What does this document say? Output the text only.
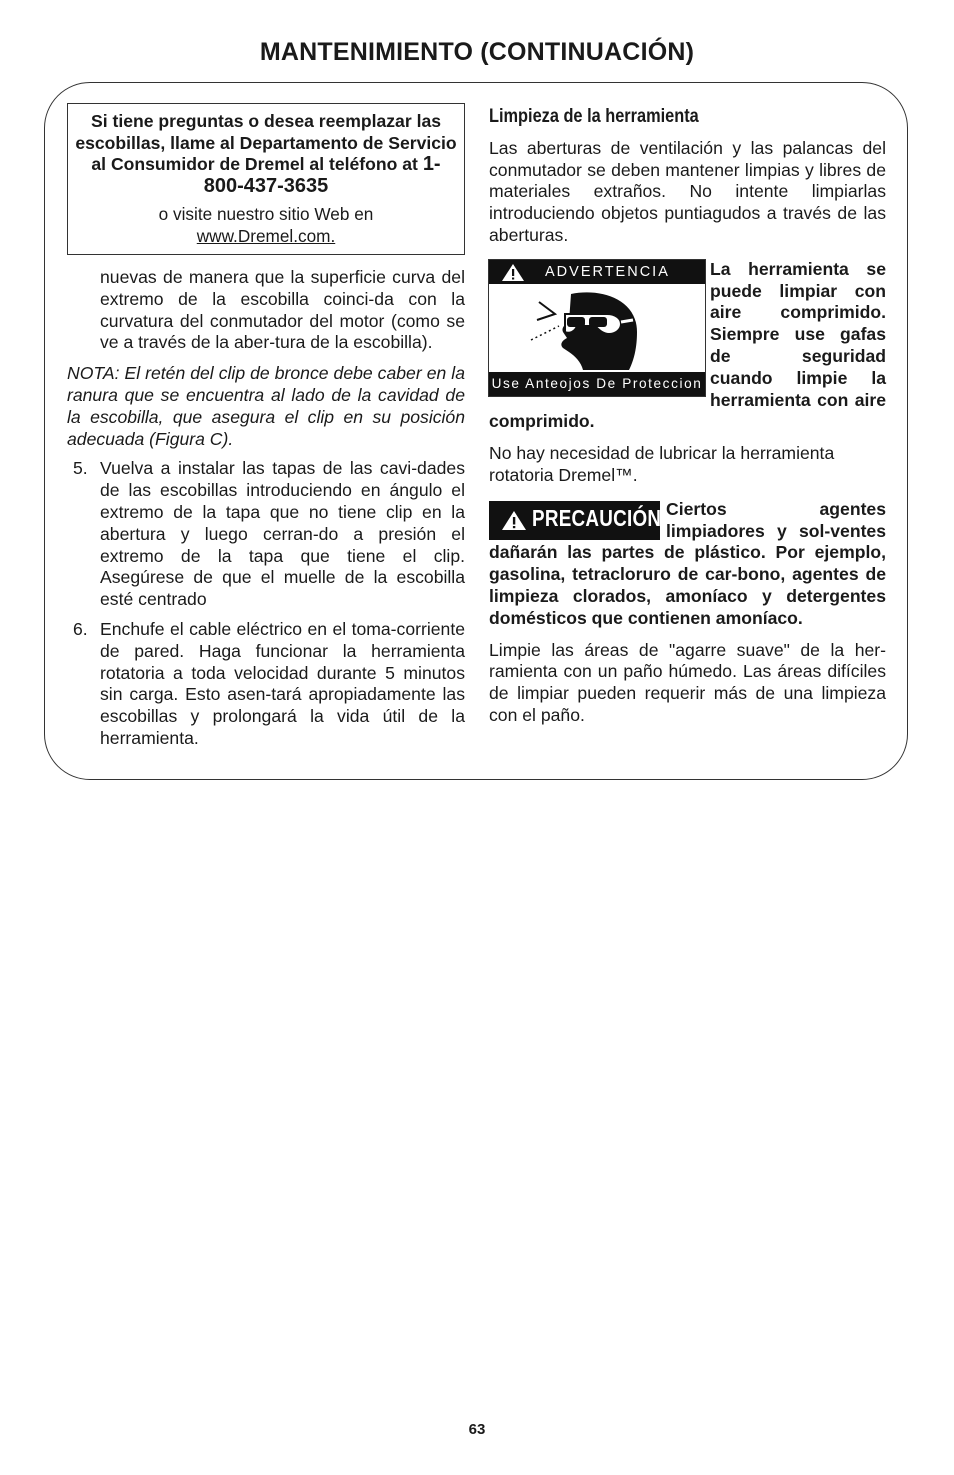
MANTENIMIENTO (CONTINUACIÓN)
Si tiene preguntas o desea reemplazar las escobillas, llame al Departamento de Servicio al Consumidor de Dremel al teléfono at 1-800-437-3635
o visite nuestro sitio Web en
www.Dremel.com.

nuevas de manera que la superficie curva del extremo de la escobilla coinci-da con la curvatura del conmutador del motor (como se ve a través de la aber-tura de la escobilla).

NOTA: El retén del clip de bronce debe caber en la ranura que se encuentra al lado de la cavidad de la escobilla, que asegura el clip en su posición adecuada (Figura C).

5. Vuelva a instalar las tapas de las cavi-dades de las escobillas introduciendo en ángulo el extremo de la tapa que no tiene clip en la abertura y luego cerran-do a presión el extremo de la tapa que tiene el clip. Asegúrese de que el muelle de la escobilla esté centrado
6. Enchufe el cable eléctrico en el toma-corriente de pared. Haga funcionar la herramienta rotatoria a toda velocidad durante 5 minutos sin carga. Esto asen-tará apropiadamente las escobillas y prolongará la vida útil de la herramienta.
Limpieza de la herramienta

Las aberturas de ventilación y las palancas del conmutador se deben mantener limpias y libres de materiales extraños. No intente limpiarlas introduciendo objetos puntiagudos a través de las aberturas.

ADVERTENCIA
Use Anteojos De Proteccion

La herramienta se puede limpiar con aire comprimido. Siempre use gafas de seguridad cuando limpie la herramienta con aire comprimido.

No hay necesidad de lubricar la herramienta rotatoria Dremel™.

PRECAUCIÓN Ciertos agentes limpiadores y sol-ventes dañarán las partes de plástico. Por ejemplo, gasolina, tetracloruro de car-bono, agentes de limpieza clorados, amoníaco y detergentes domésticos que contienen amoníaco.

Limpie las áreas de "agarre suave" de la her-ramienta con un paño húmedo. Las áreas difíciles de limpiar pueden requerir más de una limpieza con el paño.

63
